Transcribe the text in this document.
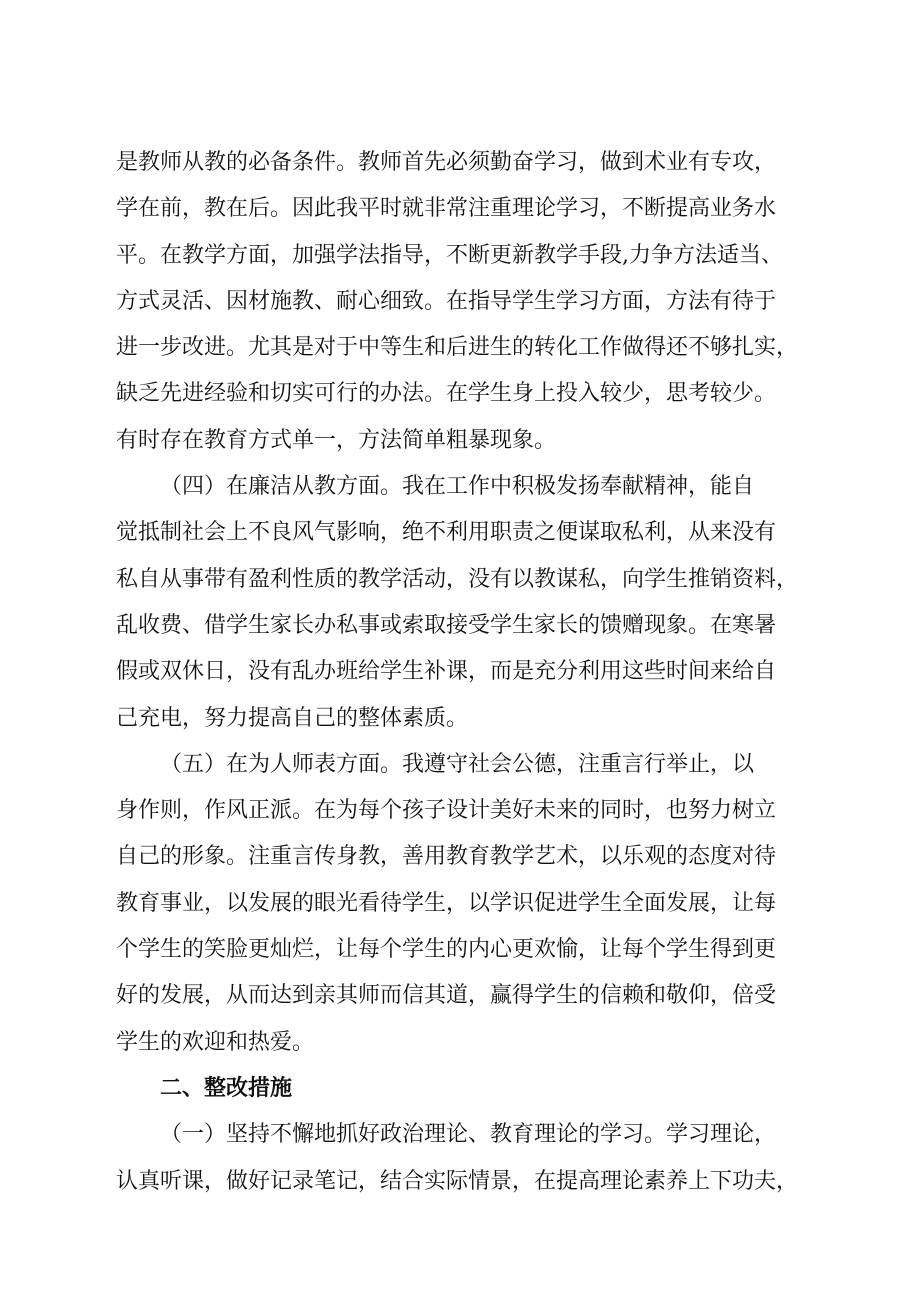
是教师从教的必备条件。教师首先必须勤奋学习，做到术业有专攻，
学在前，教在后。因此我平时就非常注重理论学习，不断提高业务水
平。在教学方面，加强学法指导，不断更新教学手段,力争方法适当、
方式灵活、因材施教、耐心细致。在指导学生学习方面，方法有待于
进一步改进。尤其是对于中等生和后进生的转化工作做得还不够扎实，
缺乏先进经验和切实可行的办法。在学生身上投入较少，思考较少。
有时存在教育方式单一，方法简单粗暴现象。
（四）在廉洁从教方面。我在工作中积极发扬奉献精神，能自
觉抵制社会上不良风气影响，绝不利用职责之便谋取私利，从来没有
私自从事带有盈利性质的教学活动，没有以教谋私，向学生推销资料，
乱收费、借学生家长办私事或索取接受学生家长的馈赠现象。在寒暑
假或双休日，没有乱办班给学生补课，而是充分利用这些时间来给自
己充电，努力提高自己的整体素质。
（五）在为人师表方面。我遵守社会公德，注重言行举止，以
身作则，作风正派。在为每个孩子设计美好未来的同时，也努力树立
自己的形象。注重言传身教，善用教育教学艺术，以乐观的态度对待
教育事业，以发展的眼光看待学生，以学识促进学生全面发展，让每
个学生的笑脸更灿烂，让每个学生的内心更欢愉，让每个学生得到更
好的发展，从而达到亲其师而信其道，赢得学生的信赖和敬仰，倍受
学生的欢迎和热爱。
二、整改措施
（一）坚持不懈地抓好政治理论、教育理论的学习。学习理论，
认真听课，做好记录笔记，结合实际情景，在提高理论素养上下功夫，
